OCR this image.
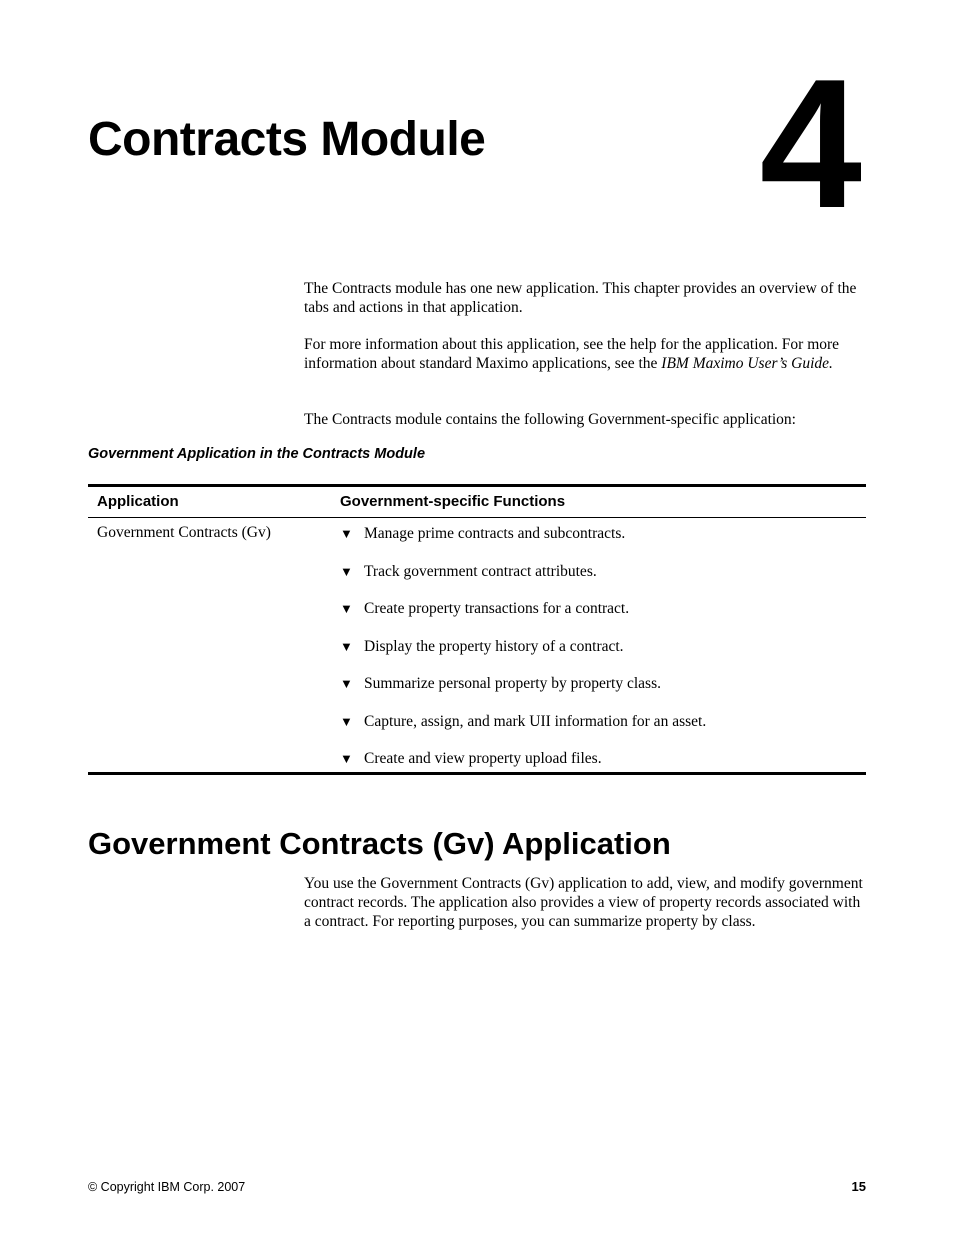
Contracts Module 4

The Contracts module has one new application. This chapter provides an overview of the tabs and actions in that application.

For more information about this application, see the help for the application. For more information about standard Maximo applications, see the IBM Maximo User’s Guide.

The Contracts module contains the following Government-specific application:

Government Application in the Contracts Module
Application	Government-specific Functions
Government Contracts (Gv)	▼ Manage prime contracts and subcontracts.
▼ Track government contract attributes.
▼ Create property transactions for a contract.
▼ Display the property history of a contract.
▼ Summarize personal property by property class.
▼ Capture, assign, and mark UII information for an asset.
▼ Create and view property upload files.
Government Contracts (Gv) Application

You use the Government Contracts (Gv) application to add, view, and modify government contract records. The application also provides a view of property records associated with a contract. For reporting purposes, you can summarize property by class.

© Copyright IBM Corp. 2007	15
